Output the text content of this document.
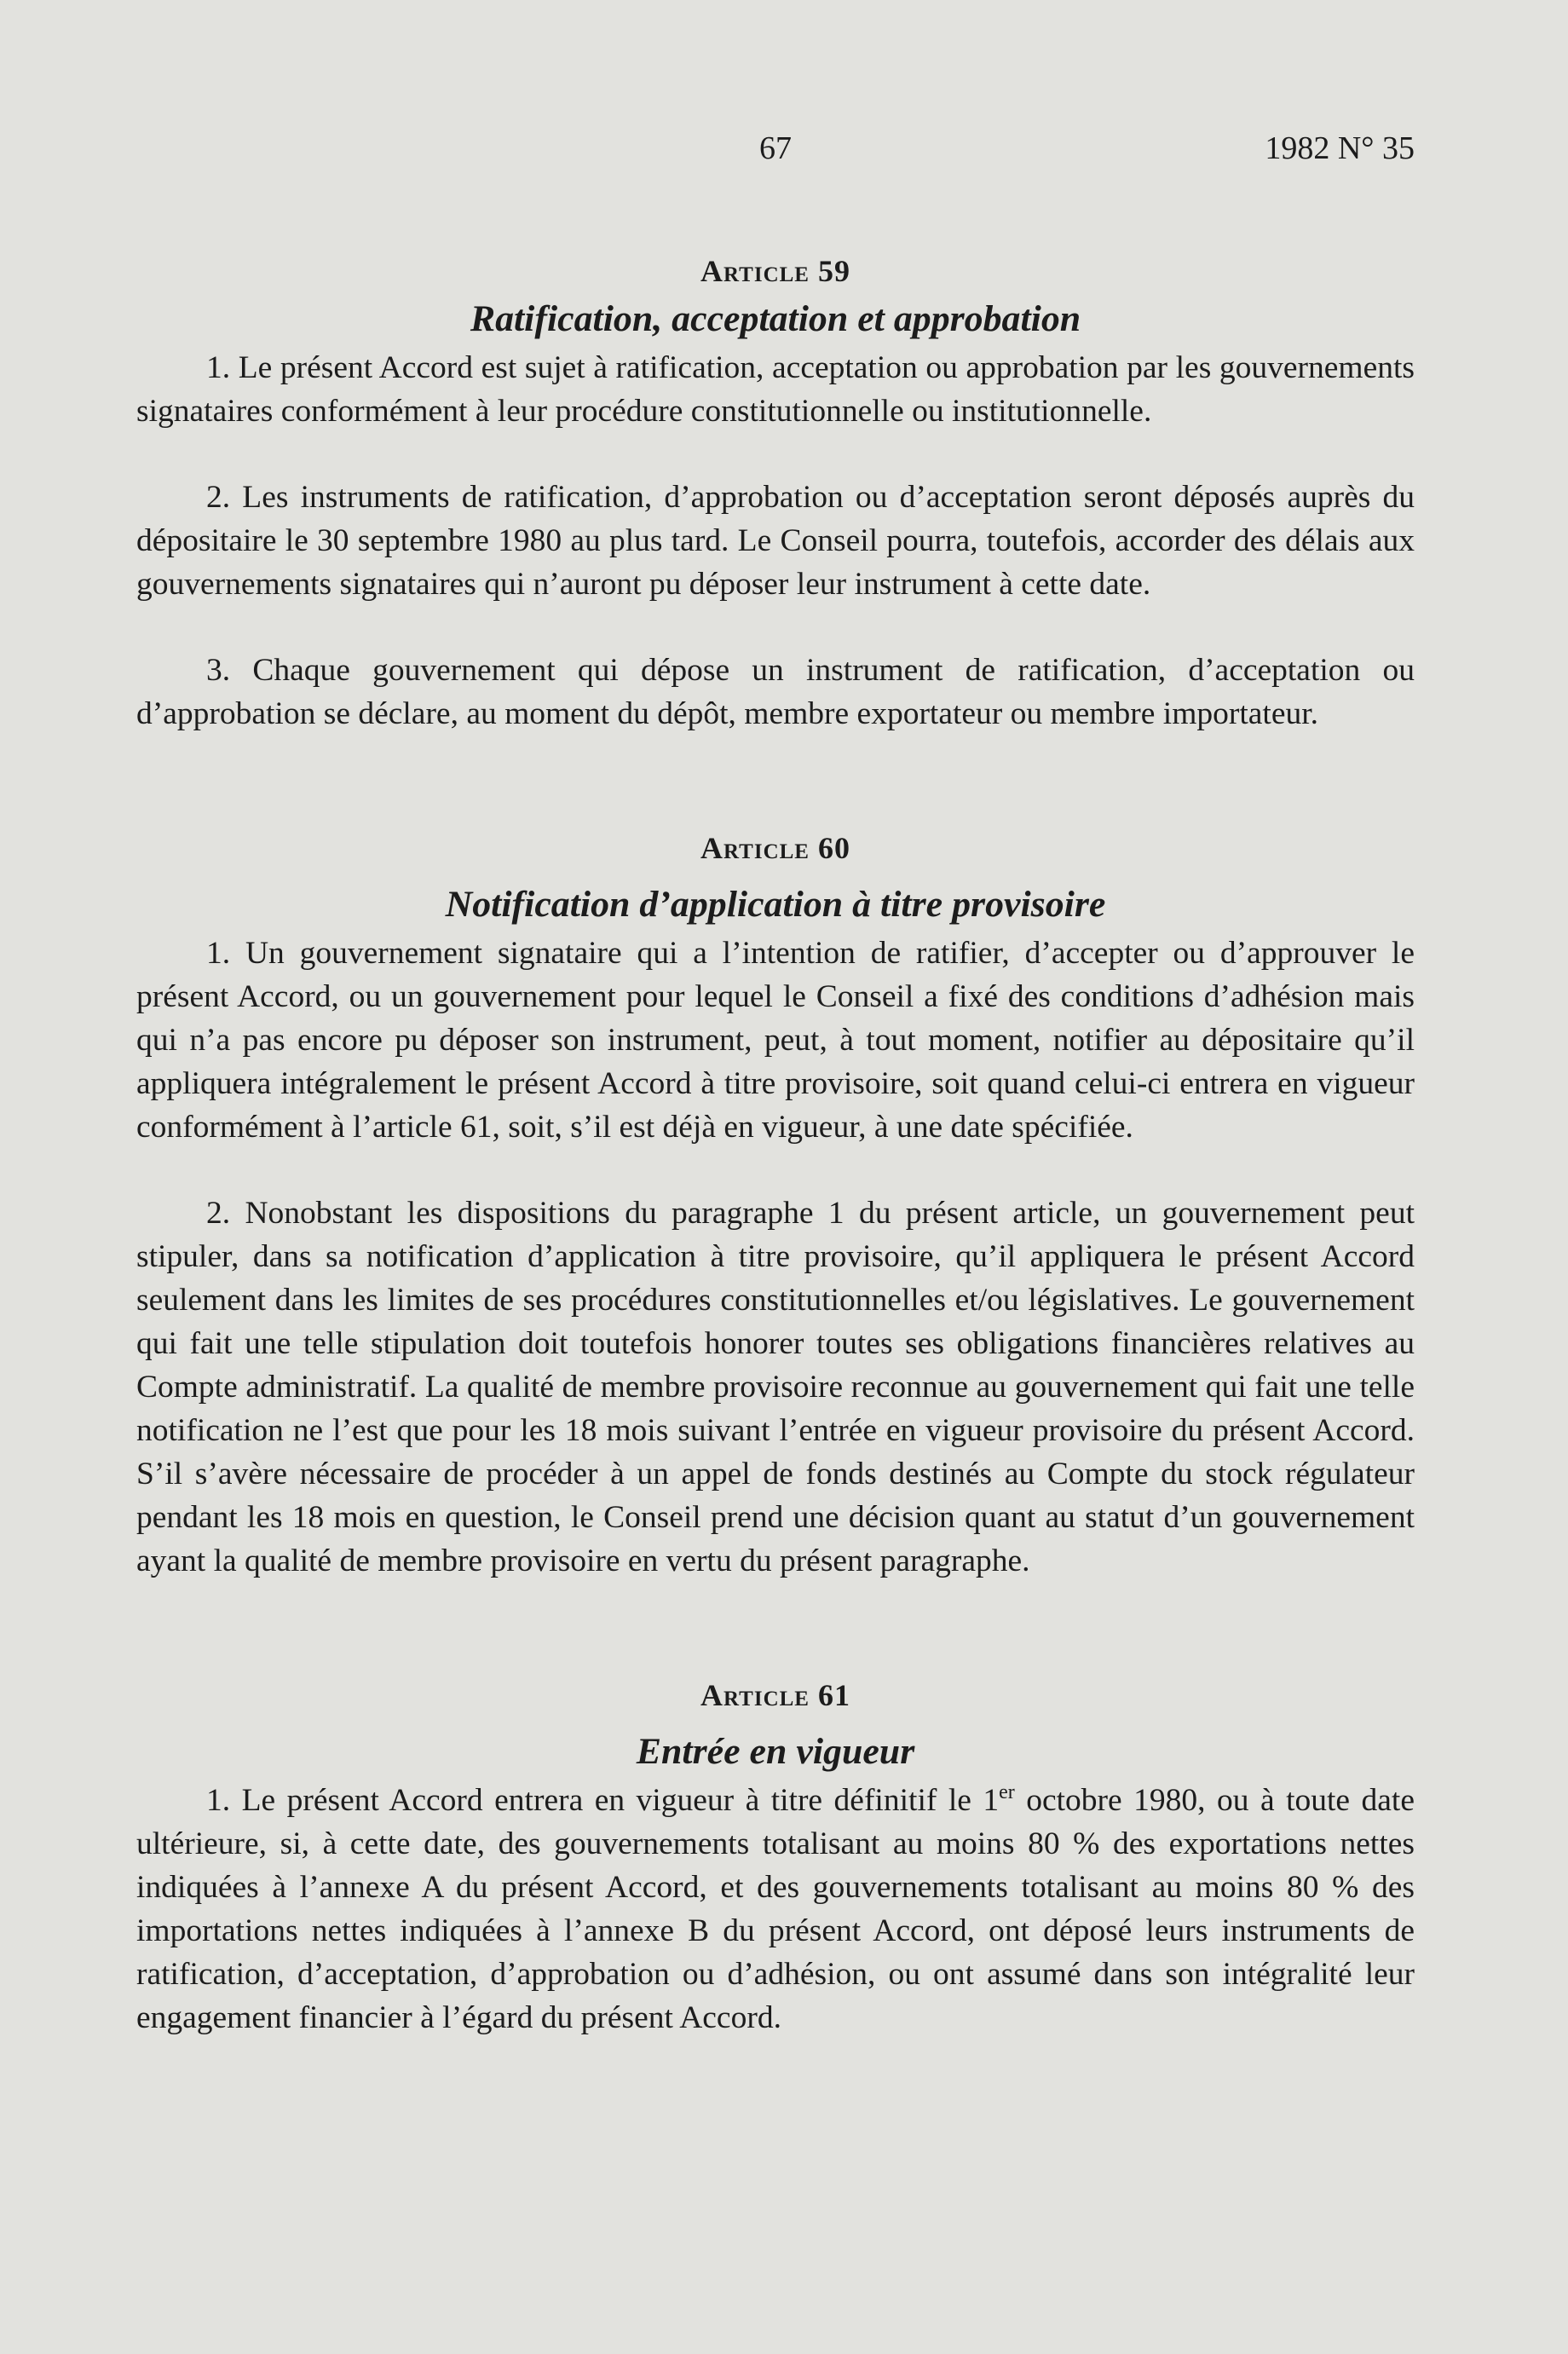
67	1982 N° 35
Article 59
Ratification, acceptation et approbation

1. Le présent Accord est sujet à ratification, acceptation ou approbation par les gouvernements signataires conformément à leur procédure constitutionnelle ou institutionnelle.

2. Les instruments de ratification, d’approbation ou d’acceptation seront déposés auprès du dépositaire le 30 septembre 1980 au plus tard. Le Conseil pourra, toutefois, accorder des délais aux gouvernements signataires qui n’auront pu déposer leur instrument à cette date.

3. Chaque gouvernement qui dépose un instrument de ratification, d’acceptation ou d’approbation se déclare, au moment du dépôt, membre exportateur ou membre importateur.

Article 60
Notification d’application à titre provisoire

1. Un gouvernement signataire qui a l’intention de ratifier, d’accepter ou d’approuver le présent Accord, ou un gouvernement pour lequel le Conseil a fixé des conditions d’adhésion mais qui n’a pas encore pu déposer son instrument, peut, à tout moment, notifier au dépositaire qu’il appliquera intégralement le présent Accord à titre provisoire, soit quand celui-ci entrera en vigueur conformément à l’article 61, soit, s’il est déjà en vigueur, à une date spécifiée.

2. Nonobstant les dispositions du paragraphe 1 du présent article, un gouvernement peut stipuler, dans sa notification d’application à titre provisoire, qu’il appliquera le présent Accord seulement dans les limites de ses procédures constitutionnelles et/ou législatives. Le gouvernement qui fait une telle stipulation doit toutefois honorer toutes ses obligations financières relatives au Compte administratif. La qualité de membre provisoire reconnue au gouvernement qui fait une telle notification ne l’est que pour les 18 mois suivant l’entrée en vigueur provisoire du présent Accord. S’il s’avère nécessaire de procéder à un appel de fonds destinés au Compte du stock régulateur pendant les 18 mois en question, le Conseil prend une décision quant au statut d’un gouvernement ayant la qualité de membre provisoire en vertu du présent paragraphe.

Article 61
Entrée en vigueur

1. Le présent Accord entrera en vigueur à titre définitif le 1er octobre 1980, ou à toute date ultérieure, si, à cette date, des gouvernements totalisant au moins 80 % des exportations nettes indiquées à l’annexe A du présent Accord, et des gouvernements totalisant au moins 80 % des importations nettes indiquées à l’annexe B du présent Accord, ont déposé leurs instruments de ratification, d’acceptation, d’approbation ou d’adhésion, ou ont assumé dans son intégralité leur engagement financier à l’égard du présent Accord.
